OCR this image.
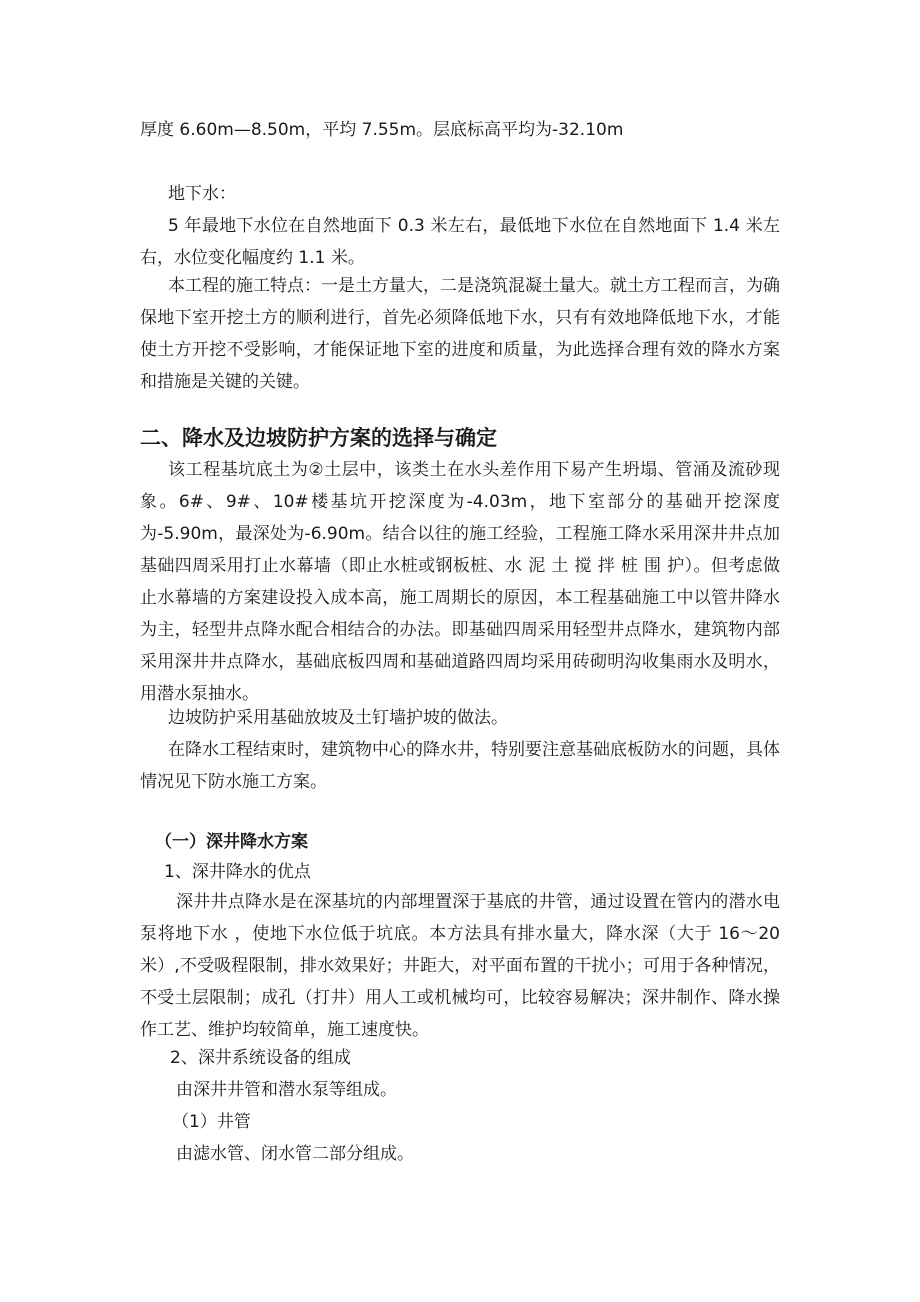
厚度 6.60m—8.50m，平均 7.55m。层底标高平均为-32.10m

地下水：

5 年最地下水位在自然地面下 0.3 米左右，最低地下水位在自然地面下 1.4 米左右，水位变化幅度约 1.1 米。

本工程的施工特点：一是土方量大，二是浇筑混凝土量大。就土方工程而言，为确保地下室开挖土方的顺利进行，首先必须降低地下水，只有有效地降低地下水，才能使土方开挖不受影响，才能保证地下室的进度和质量，为此选择合理有效的降水方案和措施是关键的关键。

二、降水及边坡防护方案的选择与确定

该工程基坑底土为②土层中，该类土在水头差作用下易产生坍塌、管涌及流砂现象。6#、9#、10#楼基坑开挖深度为-4.03m，地下室部分的基础开挖深度为-5.90m，最深处为-6.90m。结合以往的施工经验，工程施工降水采用深井井点加基础四周采用打止水幕墙（即止水桩或钢板桩、水 泥 土 搅 拌 桩 围 护）。但考虑做止水幕墙的方案建设投入成本高，施工周期长的原因，本工程基础施工中以管井降水为主，轻型井点降水配合相结合的办法。即基础四周采用轻型井点降水，建筑物内部采用深井井点降水，基础底板四周和基础道路四周均采用砖砌明沟收集雨水及明水，用潜水泵抽水。

边坡防护采用基础放坡及土钉墙护坡的做法。

在降水工程结束时，建筑物中心的降水井，特别要注意基础底板防水的问题，具体情况见下防水施工方案。

（一）深井降水方案

1、深井降水的优点

深井井点降水是在深基坑的内部埋置深于基底的井管，通过设置在管内的潜水电泵将地下水 ，使地下水位低于坑底。本方法具有排水量大，降水深（大于 16～20 米）,不受吸程限制，排水效果好；井距大，对平面布置的干扰小；可用于各种情况，不受土层限制；成孔（打井）用人工或机械均可，比较容易解决；深井制作、降水操作工艺、维护均较简单，施工速度快。

2、深井系统设备的组成

由深井井管和潜水泵等组成。

（1）井管

由滤水管、闭水管二部分组成。
